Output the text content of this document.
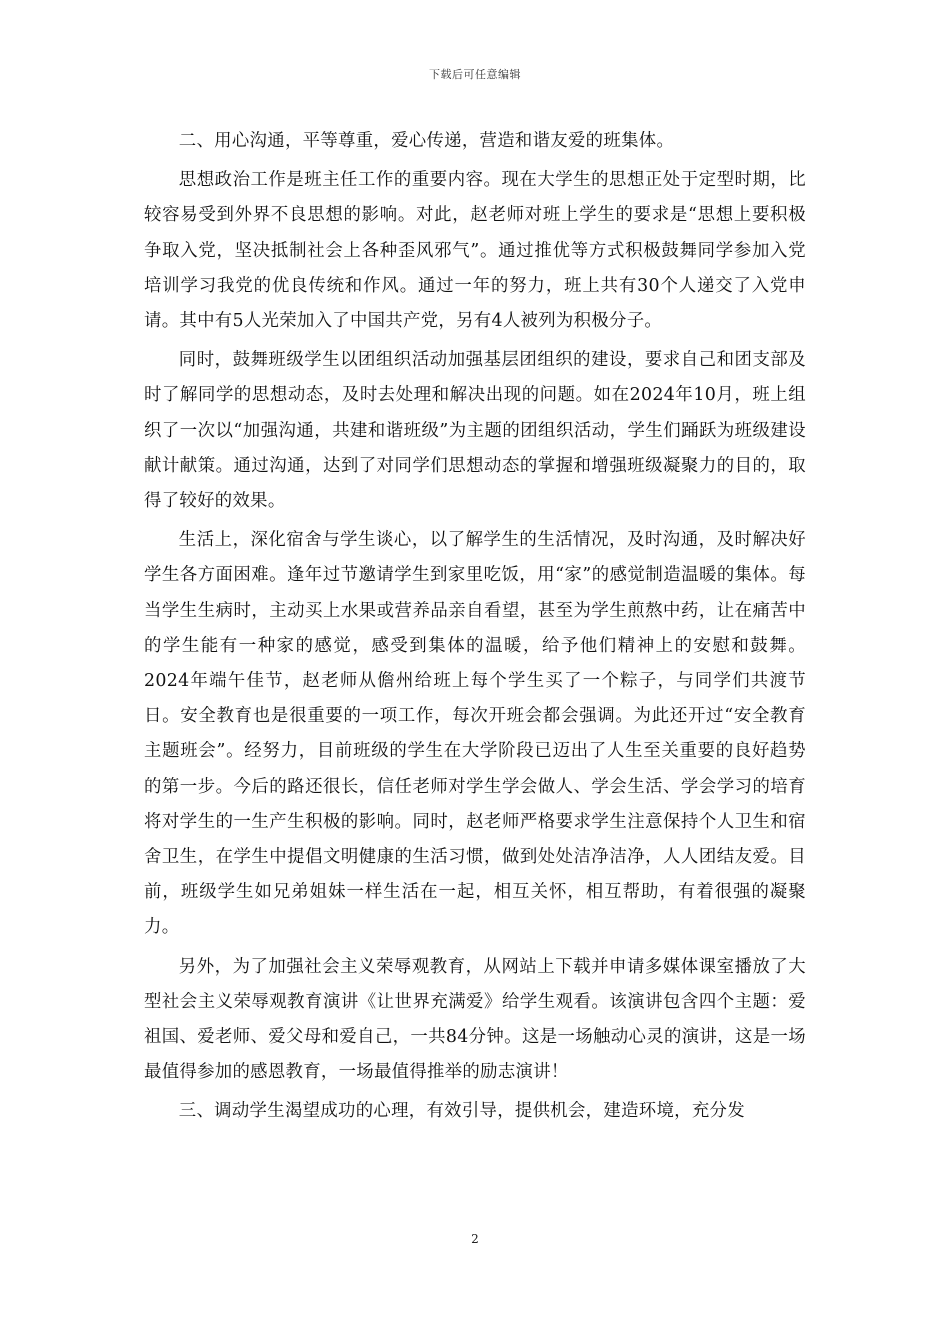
下载后可任意编辑

二、用心沟通，平等尊重，爱心传递，营造和谐友爱的班集体。

思想政治工作是班主任工作的重要内容。现在大学生的思想正处于定型时期，比较容易受到外界不良思想的影响。对此，赵老师对班上学生的要求是“思想上要积极争取入党，坚决抵制社会上各种歪风邪气”。通过推优等方式积极鼓舞同学参加入党培训学习我党的优良传统和作风。通过一年的努力，班上共有30个人递交了入党申请。其中有5人光荣加入了中国共产党，另有4人被列为积极分子。

同时，鼓舞班级学生以团组织活动加强基层团组织的建设，要求自己和团支部及时了解同学的思想动态，及时去处理和解决出现的问题。如在2024年10月，班上组织了一次以“加强沟通，共建和谐班级”为主题的团组织活动，学生们踊跃为班级建设献计献策。通过沟通，达到了对同学们思想动态的掌握和增强班级凝聚力的目的，取得了较好的效果。

生活上，深化宿舍与学生谈心，以了解学生的生活情况，及时沟通，及时解决好学生各方面困难。逢年过节邀请学生到家里吃饭，用“家”的感觉制造温暖的集体。每当学生生病时，主动买上水果或营养品亲自看望，甚至为学生煎熬中药，让在痛苦中的学生能有一种家的感觉，感受到集体的温暖，给予他们精神上的安慰和鼓舞。2024年端午佳节，赵老师从儋州给班上每个学生买了一个粽子，与同学们共渡节日。安全教育也是很重要的一项工作，每次开班会都会强调。为此还开过“安全教育主题班会”。经努力，目前班级的学生在大学阶段已迈出了人生至关重要的良好趋势的第一步。今后的路还很长，信任老师对学生学会做人、学会生活、学会学习的培育将对学生的一生产生积极的影响。同时，赵老师严格要求学生注意保持个人卫生和宿舍卫生，在学生中提倡文明健康的生活习惯，做到处处洁净洁净，人人团结友爱。目前，班级学生如兄弟姐妹一样生活在一起，相互关怀，相互帮助，有着很强的凝聚力。

另外，为了加强社会主义荣辱观教育，从网站上下载并申请多媒体课室播放了大型社会主义荣辱观教育演讲《让世界充满爱》给学生观看。该演讲包含四个主题：爱祖国、爱老师、爱父母和爱自己，一共84分钟。这是一场触动心灵的演讲，这是一场最值得参加的感恩教育，一场最值得推举的励志演讲！

三、调动学生渴望成功的心理，有效引导，提供机会，建造环境，充分发

2
